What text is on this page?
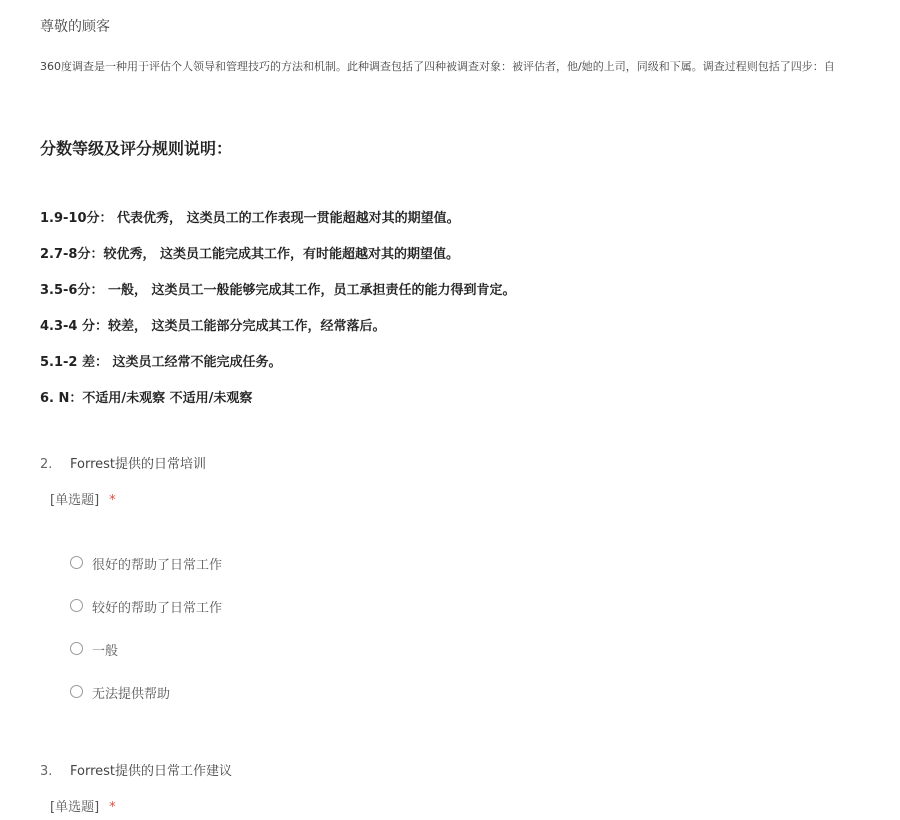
尊敬的顾客
360度调查是一种用于评估个人领导和管理技巧的方法和机制。此种调查包括了四种被调查对象：被评估者，他/她的上司，同级和下属。调查过程则包括了四步：自
分数等级及评分规则说明：
1.9-10分： 代表优秀， 这类员工的工作表现一贯能超越对其的期望值。
2.7-8分：较优秀， 这类员工能完成其工作，有时能超越对其的期望值。
3.5-6分： 一般， 这类员工一般能够完成其工作，员工承担责任的能力得到肯定。
4.3-4 分：较差， 这类员工能部分完成其工作，经常落后。
5.1-2 差： 这类员工经常不能完成任务。
6. N：不适用/未观察 不适用/未观察
2. Forrest提供的日常培训
[单选题] *
很好的帮助了日常工作
较好的帮助了日常工作
一般
无法提供帮助
3. Forrest提供的日常工作建议
[单选题] *
